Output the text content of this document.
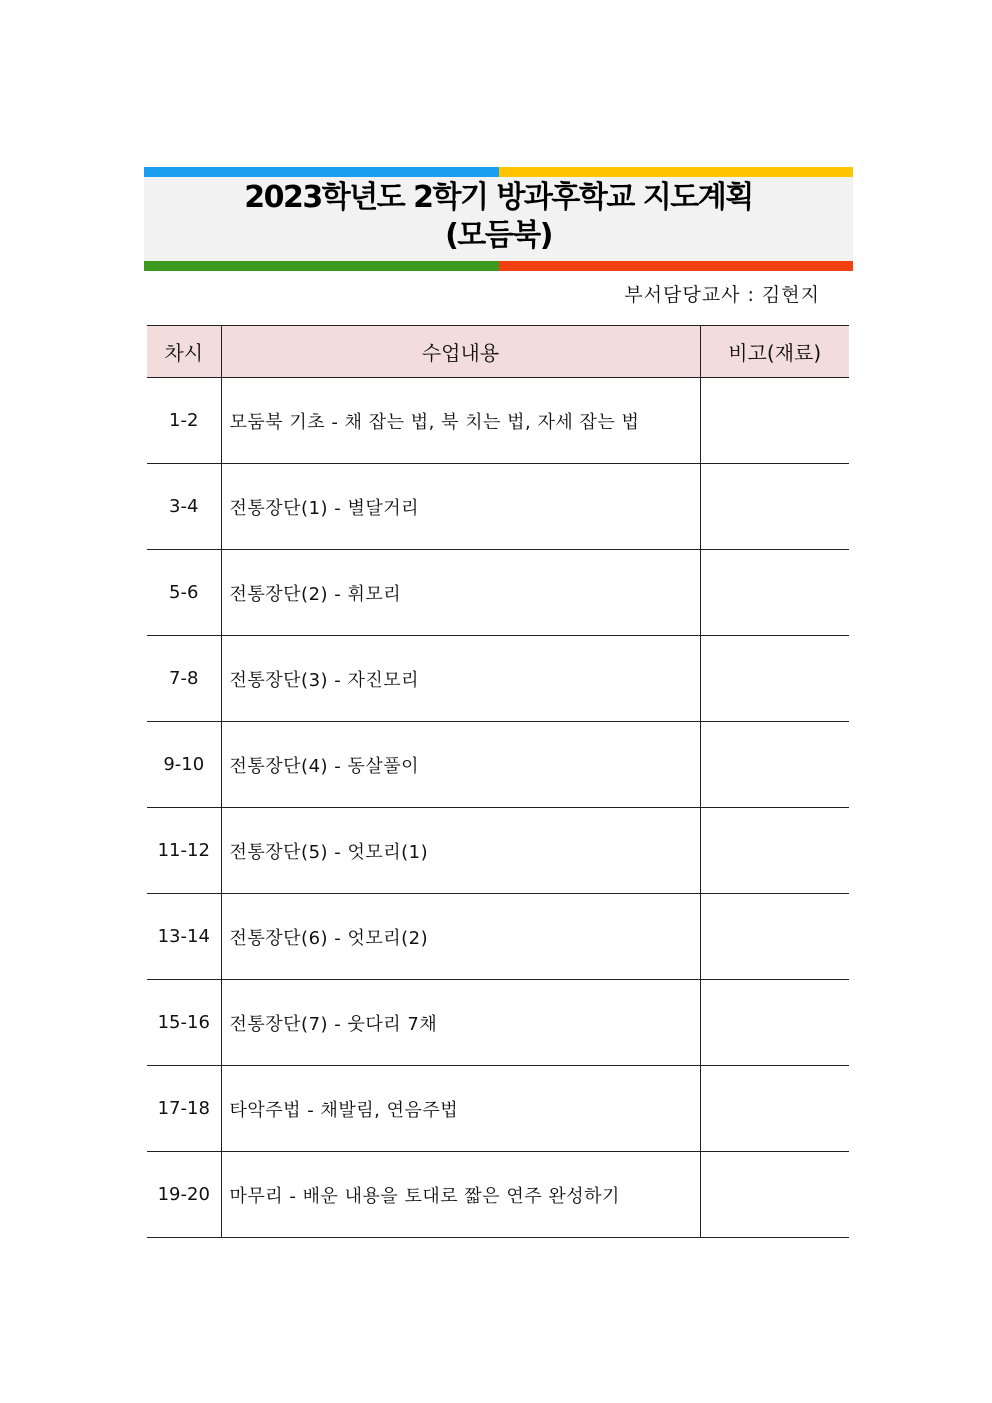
2023학년도 2학기 방과후학교 지도계획
(모듬북)
부서담당교사 : 김현지
차시	수업내용	비고(재료)
1-2	모둠북 기초 - 채 잡는 법, 북 치는 법, 자세 잡는 법	
3-4	전통장단(1) - 별달거리	
5-6	전통장단(2) - 휘모리	
7-8	전통장단(3) - 자진모리	
9-10	전통장단(4) - 동살풀이	
11-12	전통장단(5) - 엇모리(1)	
13-14	전통장단(6) - 엇모리(2)	
15-16	전통장단(7) - 웃다리 7채	
17-18	타악주법 - 채발림, 연음주법	
19-20	마무리 - 배운 내용을 토대로 짧은 연주 완성하기	
